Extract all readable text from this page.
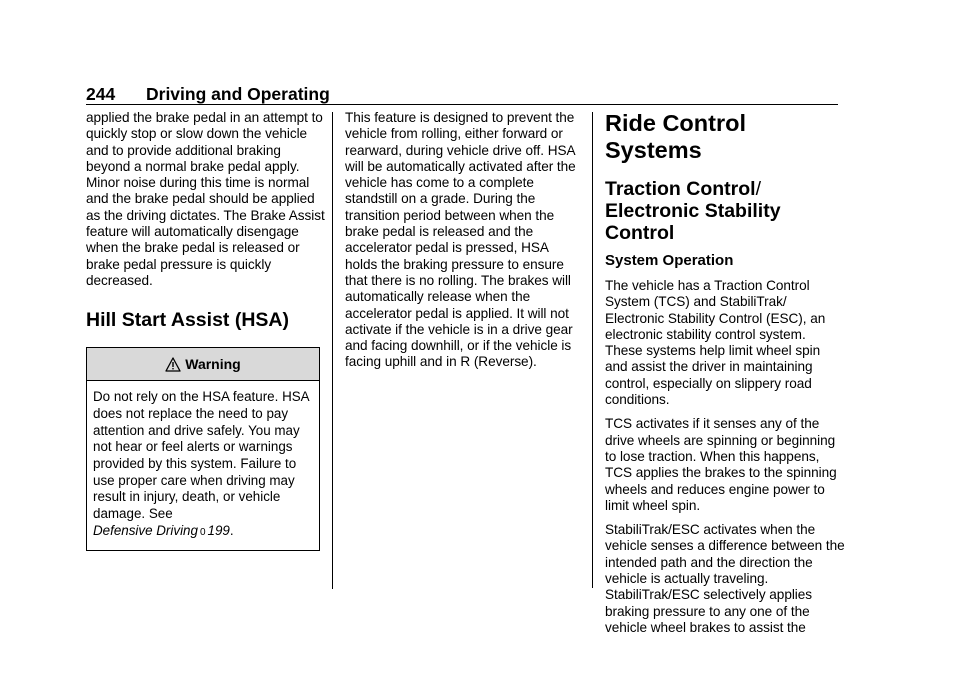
244 Driving and Operating

applied the brake pedal in an attempt to quickly stop or slow down the vehicle and to provide additional braking beyond a normal brake pedal apply. Minor noise during this time is normal and the brake pedal should be applied as the driving dictates. The Brake Assist feature will automatically disengage when the brake pedal is released or brake pedal pressure is quickly decreased.

Hill Start Assist (HSA)
Warning
Do not rely on the HSA feature. HSA does not replace the need to pay attention and drive safely. You may not hear or feel alerts or warnings provided by this system. Failure to use proper care when driving may result in injury, death, or vehicle damage. See
Defensive Driving 0 199.

This feature is designed to prevent the vehicle from rolling, either forward or rearward, during vehicle drive off. HSA will be automatically activated after the vehicle has come to a complete standstill on a grade. During the transition period between when the brake pedal is released and the accelerator pedal is pressed, HSA holds the braking pressure to ensure that there is no rolling. The brakes will automatically release when the accelerator pedal is applied. It will not activate if the vehicle is in a drive gear and facing downhill, or if the vehicle is facing uphill and in R (Reverse).

Ride Control Systems
Traction Control/
Electronic Stability Control
System Operation

The vehicle has a Traction Control System (TCS) and StabiliTrak/ Electronic Stability Control (ESC), an electronic stability control system. These systems help limit wheel spin and assist the driver in maintaining control, especially on slippery road conditions.

TCS activates if it senses any of the drive wheels are spinning or beginning to lose traction. When this happens, TCS applies the brakes to the spinning wheels and reduces engine power to limit wheel spin.

StabiliTrak/ESC activates when the vehicle senses a difference between the intended path and the direction the vehicle is actually traveling. StabiliTrak/ESC selectively applies braking pressure to any one of the vehicle wheel brakes to assist the
